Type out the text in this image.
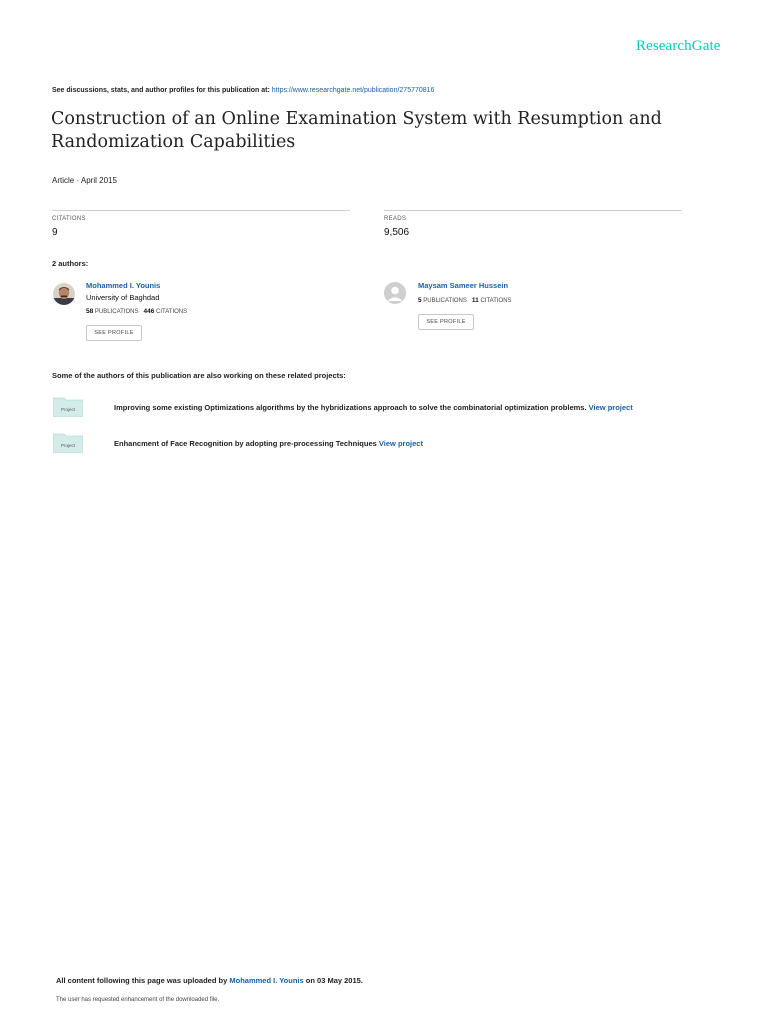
ResearchGate
See discussions, stats, and author profiles for this publication at: https://www.researchgate.net/publication/275770816
Construction of an Online Examination System with Resumption and Randomization Capabilities
Article · April 2015
CITATIONS
9
READS
9,506
2 authors:
Mohammed I. Younis
University of Baghdad
58 PUBLICATIONS 446 CITATIONS
SEE PROFILE
Maysam Sameer Hussein
5 PUBLICATIONS 11 CITATIONS
SEE PROFILE
Some of the authors of this publication are also working on these related projects:
Project	Improving some existing Optimizations algorithms by the hybridizations approach to solve the combinatorial optimization problems. View project
Project	Enhancment of Face Recognition by adopting pre-processing Techniques View project
All content following this page was uploaded by Mohammed I. Younis on 03 May 2015.
The user has requested enhancement of the downloaded file.
